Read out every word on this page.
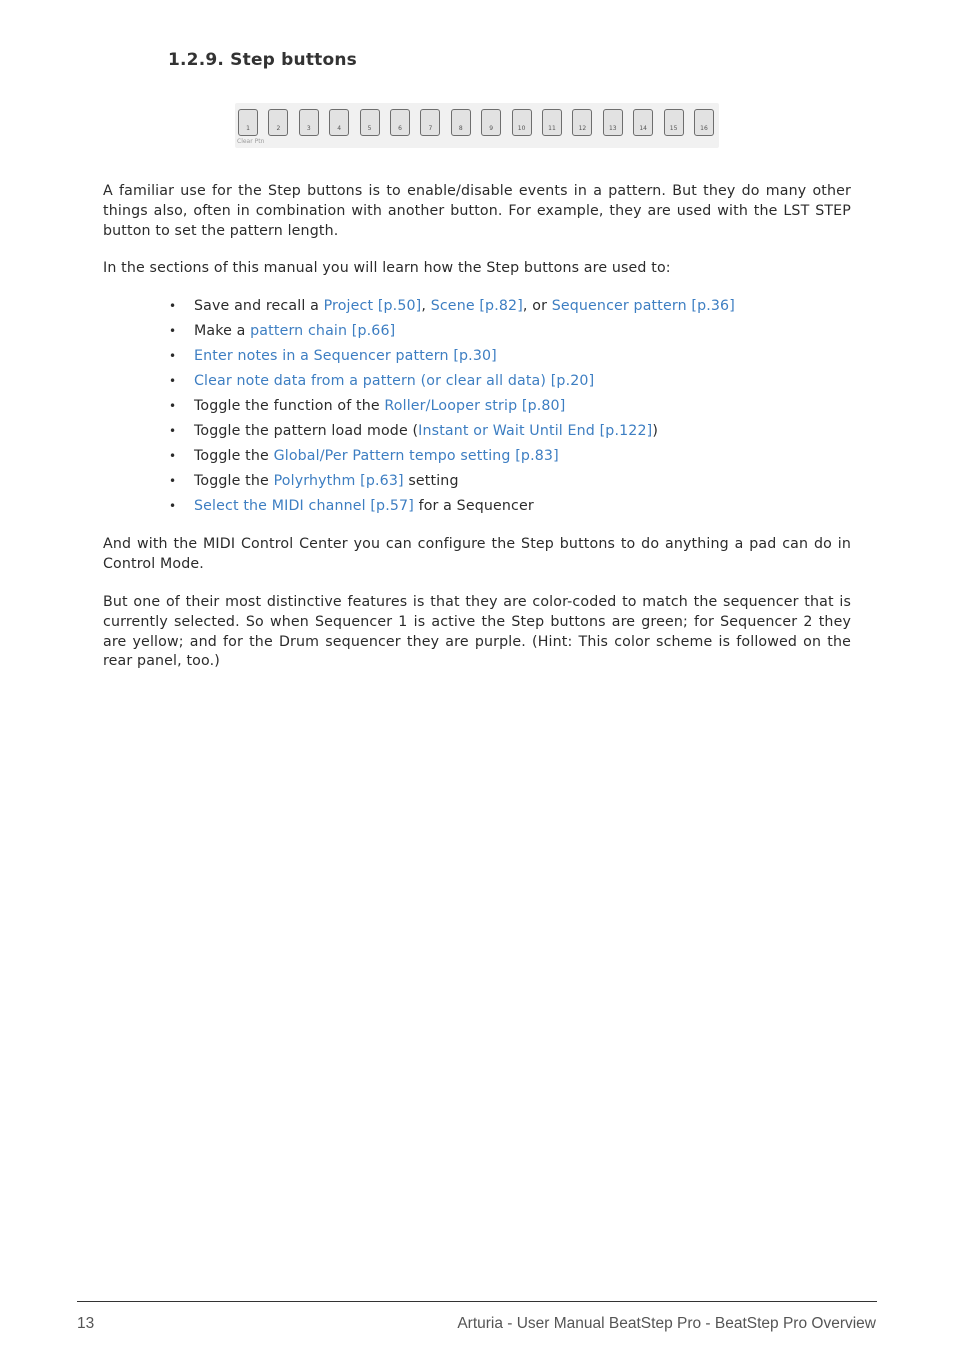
1.2.9. Step buttons
Clear Ptn
1	2	3	4	5	6	7	8	9	10	11	12	13	14	15	16

A familiar use for the Step buttons is to enable/disable events in a pattern. But they do many other things also, often in combination with another button. For example, they are used with the LST STEP button to set the pattern length.

In the sections of this manual you will learn how the Step buttons are used to:

• Save and recall a Project [p.50], Scene [p.82], or Sequencer pattern [p.36]
• Make a pattern chain [p.66]
• Enter notes in a Sequencer pattern [p.30]
• Clear note data from a pattern (or clear all data) [p.20]
• Toggle the function of the Roller/Looper strip [p.80]
• Toggle the pattern load mode (Instant or Wait Until End [p.122])
• Toggle the Global/Per Pattern tempo setting [p.83]
• Toggle the Polyrhythm [p.63] setting
• Select the MIDI channel [p.57] for a Sequencer

And with the MIDI Control Center you can configure the Step buttons to do anything a pad can do in Control Mode.

But one of their most distinctive features is that they are color-coded to match the sequencer that is currently selected. So when Sequencer 1 is active the Step buttons are green; for Sequencer 2 they are yellow; and for the Drum sequencer they are purple. (Hint: This color scheme is followed on the rear panel, too.)

13	Arturia - User Manual BeatStep Pro - BeatStep Pro Overview
